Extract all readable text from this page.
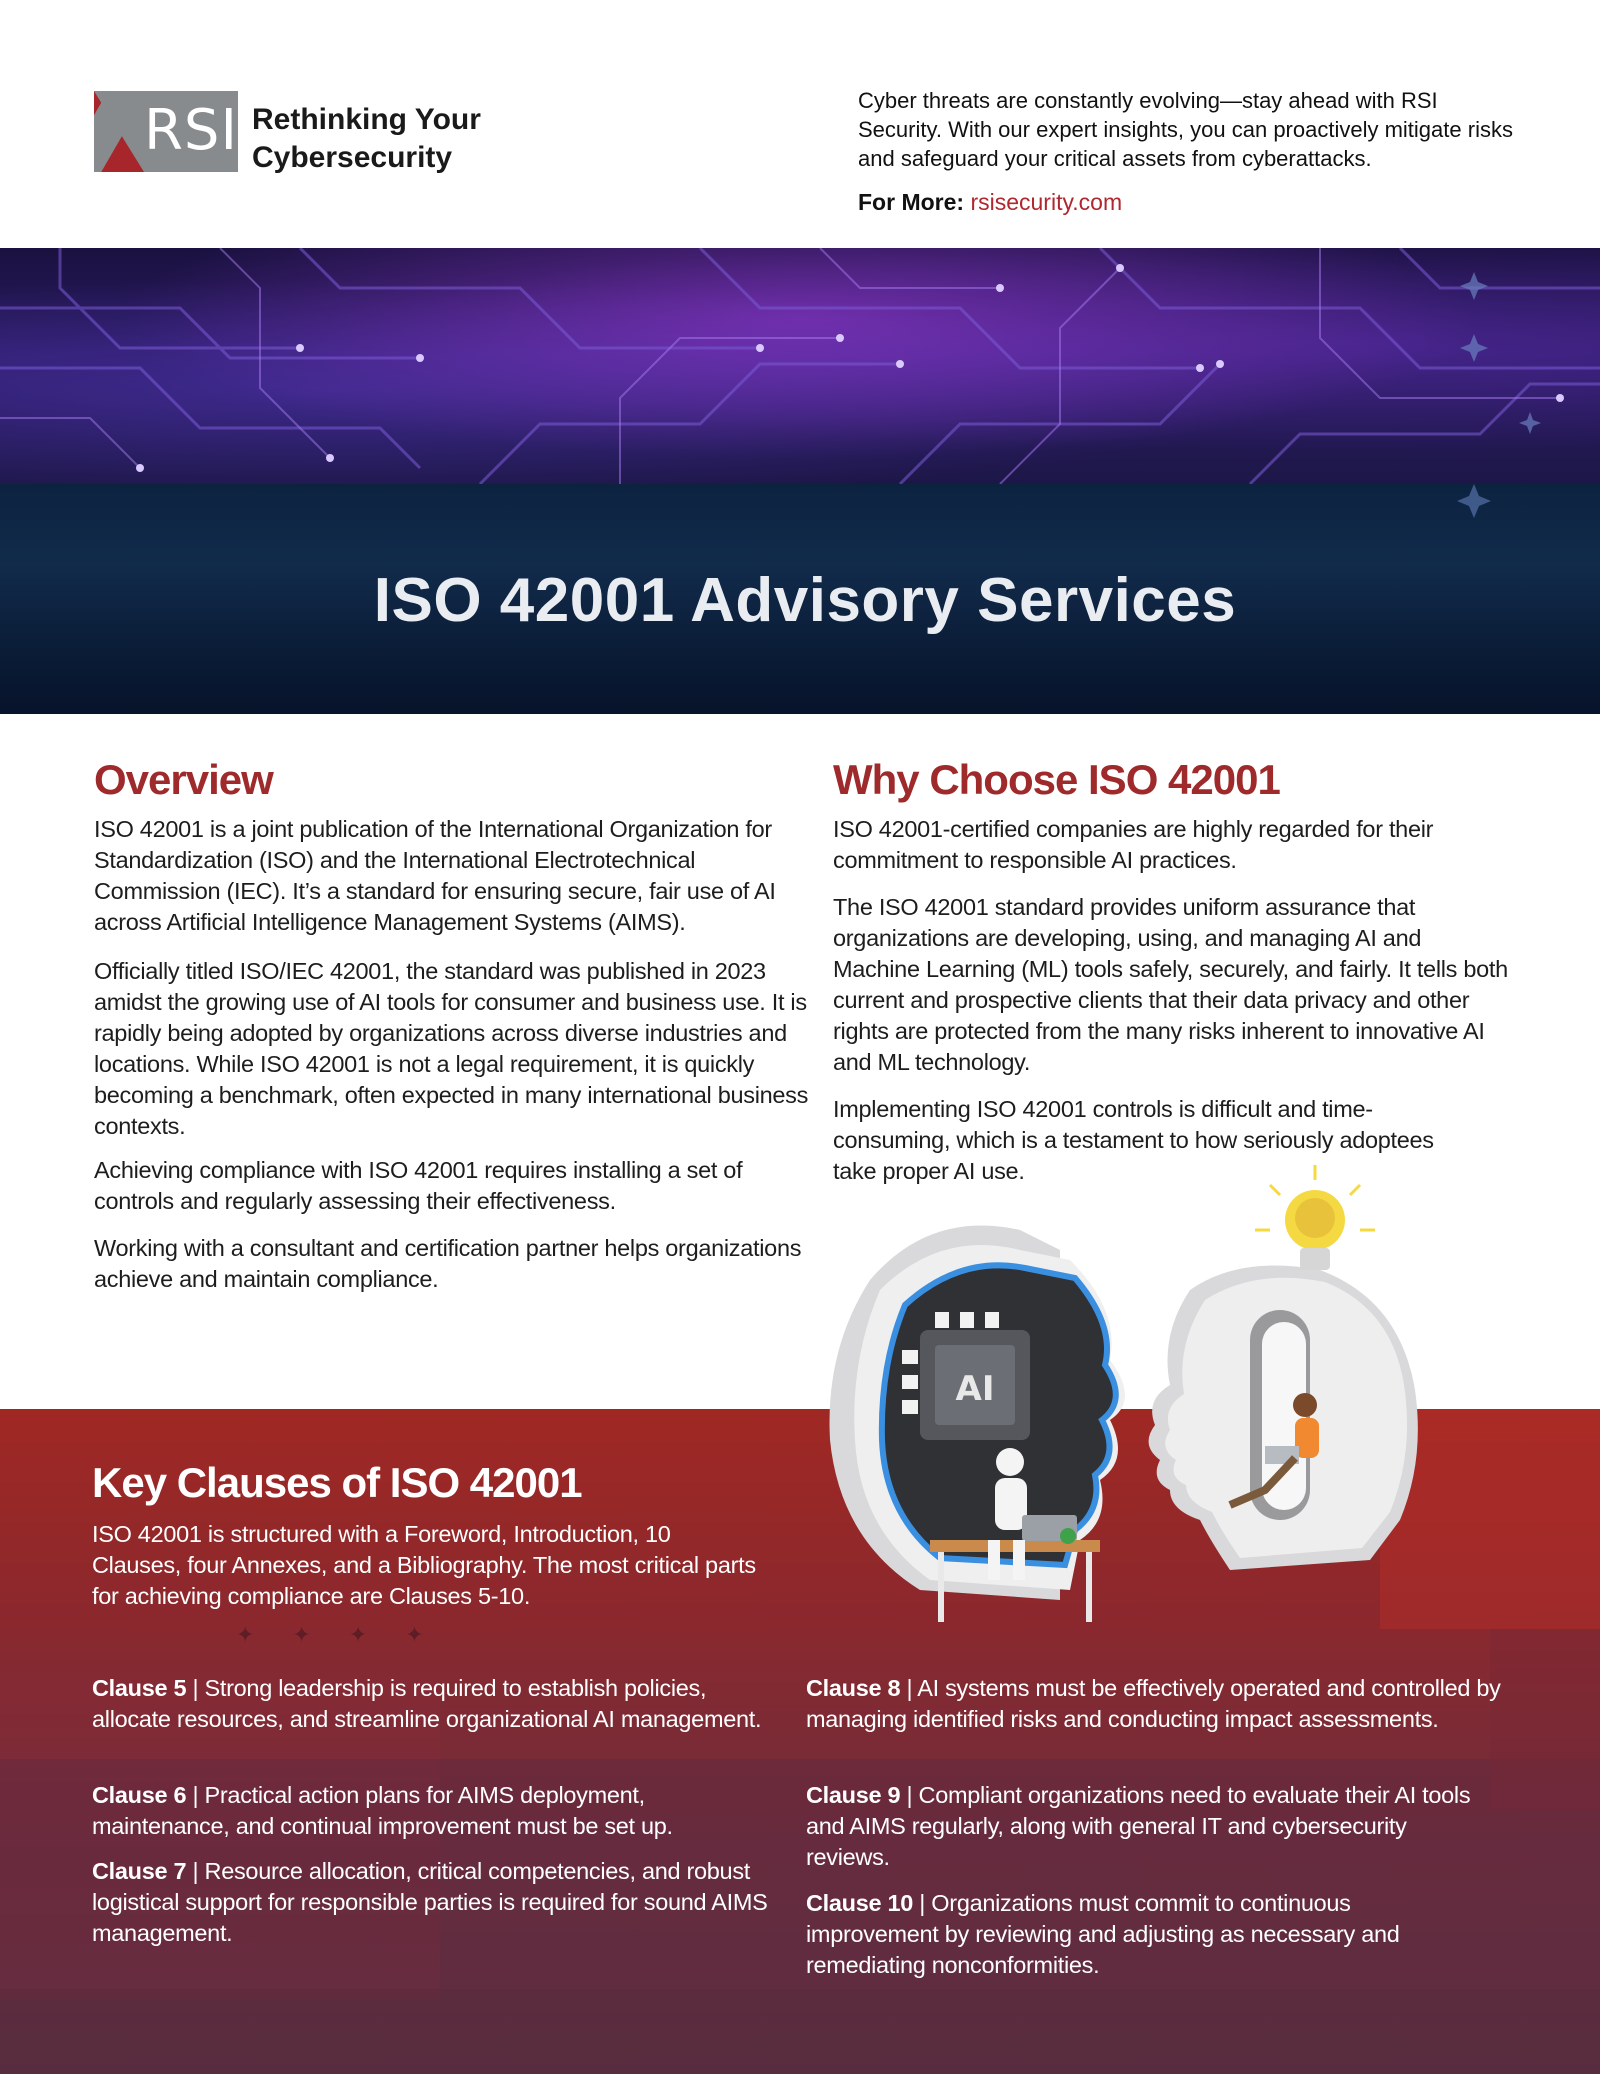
RSI Rethinking Your
Cybersecurity

Cyber threats are constantly evolving—stay ahead with RSI Security. With our expert insights, you can proactively mitigate risks and safeguard your critical assets from cyberattacks.

For More: rsisecurity.com
ISO 42001 Advisory Services
Overview

ISO 42001 is a joint publication of the International Organization for Standardization (ISO) and the International Electrotechnical Commission (IEC). It’s a standard for ensuring secure, fair use of AI across Artificial Intelligence Management Systems (AIMS).

Officially titled ISO/IEC 42001, the standard was published in 2023 amidst the growing use of AI tools for consumer and business use. It is rapidly being adopted by organizations across diverse industries and locations. While ISO 42001 is not a legal requirement, it is quickly becoming a benchmark, often expected in many international business contexts.

Achieving compliance with ISO 42001 requires installing a set of controls and regularly assessing their effectiveness.

Working with a consultant and certification partner helps organizations achieve and maintain compliance.

Why Choose ISO 42001

ISO 42001-certified companies are highly regarded for their commitment to responsible AI practices.

The ISO 42001 standard provides uniform assurance that organizations are developing, using, and managing AI and Machine Learning (ML) tools safely, securely, and fairly. It tells both current and prospective clients that their data privacy and other rights are protected from the many risks inherent to innovative AI and ML technology.

Implementing ISO 42001 controls is difficult and time-consuming, which is a testament to how seriously adoptees take proper AI use.

AI
Key Clauses of ISO 42001

ISO 42001 is structured with a Foreword, Introduction, 10 Clauses, four Annexes, and a Bibliography. The most critical parts for achieving compliance are Clauses 5-10.

✦✦✦✦

Clause 5 | Strong leadership is required to establish policies, allocate resources, and streamline organizational AI management.

Clause 6 | Practical action plans for AIMS deployment, maintenance, and continual improvement must be set up.

Clause 7 | Resource allocation, critical competencies, and robust logistical support for responsible parties is required for sound AIMS management.

Clause 8 | AI systems must be effectively operated and controlled by managing identified risks and conducting impact assessments.

Clause 9 | Compliant organizations need to evaluate their AI tools and AIMS regularly, along with general IT and cybersecurity reviews.

Clause 10 | Organizations must commit to continuous improvement by reviewing and adjusting as necessary and remediating nonconformities.
